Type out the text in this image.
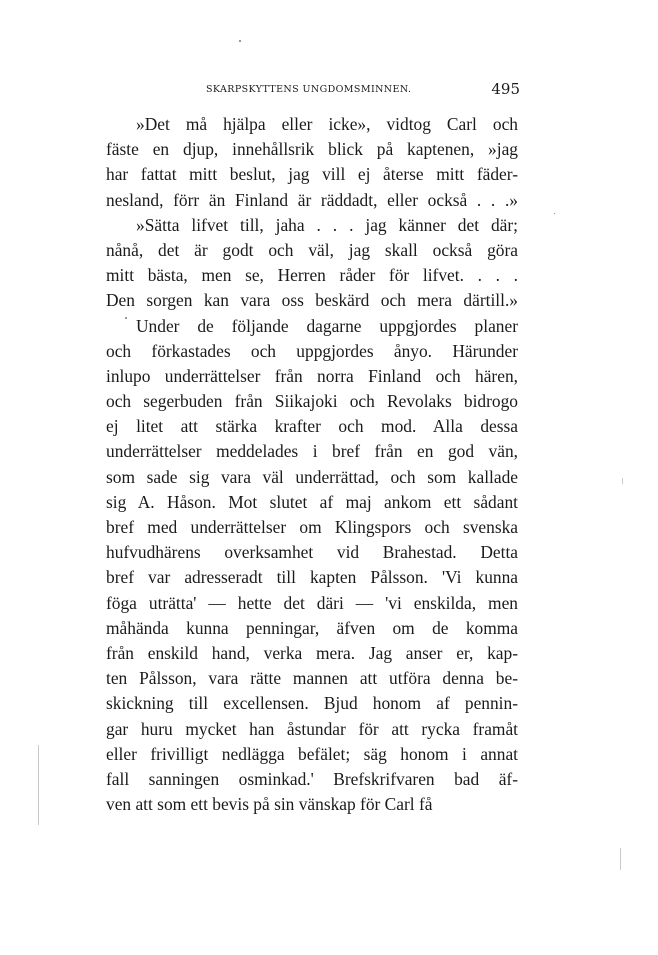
SKARPSKYTTENS UNGDOMSMINNEN.	495
»Det må hjälpa eller icke», vidtog Carl och
fäste en djup, innehållsrik blick på kaptenen, »jag
har fattat mitt beslut, jag vill ej återse mitt fäder-
nesland, förr än Finland är räddadt, eller också . . .»
»Sätta lifvet till, jaha . . . jag känner det där;
nånå, det är godt och väl, jag skall också göra
mitt bästa, men se, Herren råder för lifvet. . . .
Den sorgen kan vara oss beskärd och mera därtill.»
Under de följande dagarne uppgjordes planer
och förkastades och uppgjordes ånyo. Härunder
inlupo underrättelser från norra Finland och hären,
och segerbuden från Siikajoki och Revolaks bidrogo
ej litet att stärka krafter och mod. Alla dessa
underrättelser meddelades i bref från en god vän,
som sade sig vara väl underrättad, och som kallade
sig A. Håson. Mot slutet af maj ankom ett sådant
bref med underrättelser om Klingspors och svenska
hufvudhärens overksamhet vid Brahestad. Detta
bref var adresseradt till kapten Pålsson. 'Vi kunna
föga uträtta' — hette det däri — 'vi enskilda, men
måhända kunna penningar, äfven om de komma
från enskild hand, verka mera. Jag anser er, kap-
ten Pålsson, vara rätte mannen att utföra denna be-
skickning till excellensen. Bjud honom af pennin-
gar huru mycket han åstundar för att rycka framåt
eller frivilligt nedlägga befälet; säg honom i annat
fall sanningen osminkad.' Brefskrifvaren bad äf-
ven att som ett bevis på sin vänskap för Carl få
